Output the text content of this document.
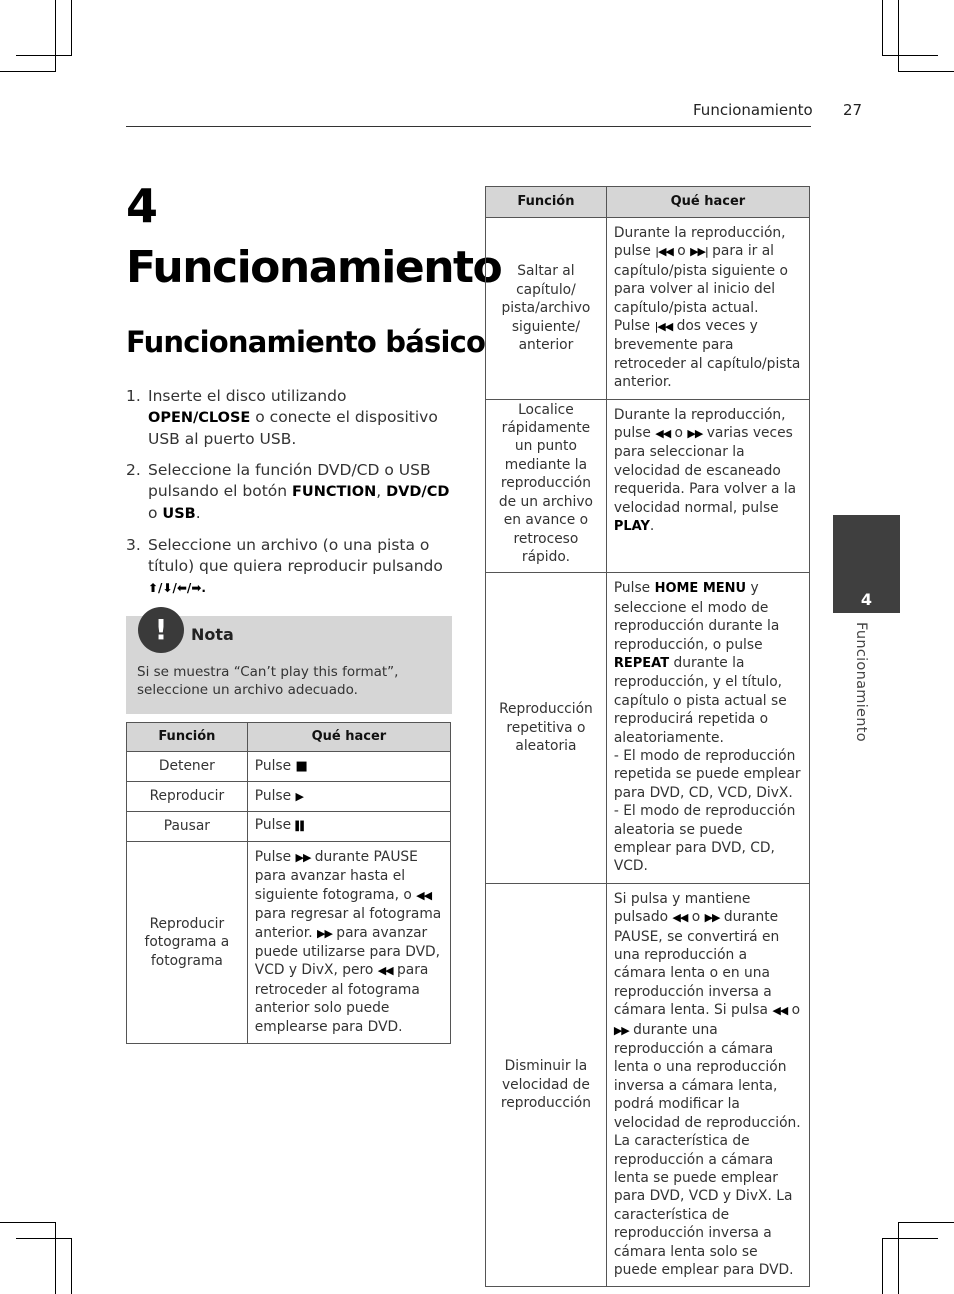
Funcionamiento 27
4
Funcionamiento
Funcionamiento básico
1. Inserte el disco utilizando OPEN/CLOSE o conecte el dispositivo USB al puerto USB.
2. Seleccione la función DVD/CD o USB pulsando el botón FUNCTION, DVD/CD o USB.
3. Seleccione un archivo (o una pista o título) que quiera reproducir pulsando ⬆/⬇/⬅/➡.
!	Nota
Si se muestra “Can’t play this format”, seleccione un archivo adecuado.
Función	Qué hacer
Detener	Pulse ■
Reproducir	Pulse ▶
Pausar	Pulse ▌▌
Reproducir fotograma a fotograma	Pulse ▶▶ durante PAUSE para avanzar hasta el siguiente fotograma, o ◀◀ para regresar al fotograma anterior. ▶▶ para avanzar puede utilizarse para DVD, VCD y DivX, pero ◀◀ para retroceder al fotograma anterior solo puede emplearse para DVD.
Función	Qué hacer
Saltar al capítulo/ pista/archivo siguiente/ anterior	Durante la reproducción, pulse |◀◀ o ▶▶| para ir al capítulo/pista siguiente o para volver al inicio del capítulo/pista actual.
Pulse |◀◀ dos veces y brevemente para retroceder al capítulo/pista anterior.
Localice rápidamente un punto mediante la reproducción de un archivo en avance o retroceso rápido.	Durante la reproducción, pulse ◀◀ o ▶▶ varias veces para seleccionar la velocidad de escaneado requerida. Para volver a la velocidad normal, pulse PLAY.
Reproducción repetitiva o aleatoria	Pulse HOME MENU y seleccione el modo de reproducción durante la reproducción, o pulse REPEAT durante la reproducción, y el título, capítulo o pista actual se reproducirá repetida o aleatoriamente.
- El modo de reproducción repetida se puede emplear para DVD, CD, VCD, DivX.
- El modo de reproducción aleatoria se puede emplear para DVD, CD, VCD.
Disminuir la velocidad de reproducción	Si pulsa y mantiene pulsado ◀◀ o ▶▶ durante PAUSE, se convertirá en una reproducción a cámara lenta o en una reproducción inversa a cámara lenta. Si pulsa ◀◀ o ▶▶ durante una reproducción a cámara lenta o una reproducción inversa a cámara lenta, podrá modificar la velocidad de reproducción. La característica de reproducción a cámara lenta se puede emplear para DVD, VCD y DivX. La característica de reproducción inversa a cámara lenta solo se puede emplear para DVD.
4
Funcionamiento
